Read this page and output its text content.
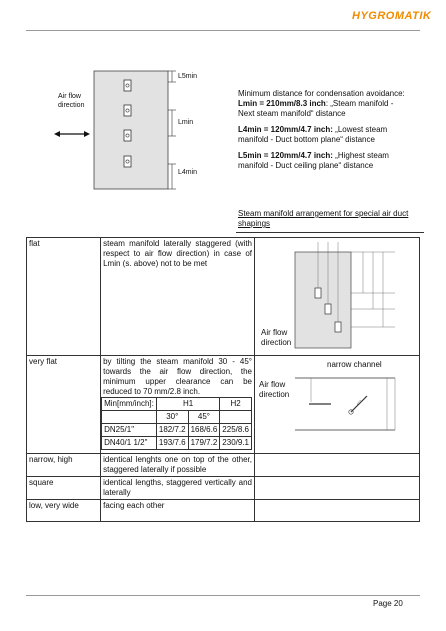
HYGROMATIK
Air flow
direction
L5min
Lmin
L4min

Minimum distance for condensation avoidance:

Lmin = 210mm/8.3 inch: „Steam manifold - Next steam manifold“ distance

L4min = 120mm/4.7 inch: „Lowest steam manifold - Duct bottom plane“ distance

L5min = 120mm/4.7 inch: „Highest steam manifold - Duct ceiling plane“ distance

Steam manifold arrangement for special air duct shapings
flat	steam manifold laterally staggered (with respect to air flow direction) in case of Lmin (s. above) not to be met	
Air flow
direction

very flat	by tilting the steam manifold 30 - 45° towards the air flow direction, the minimum upper clearance can be reduced to 70 mm/2.8 inch.
Min[mm/inch]:	H1	H2
	30°	45°	
DN25/1"	182/7.2	168/6.6	225/8.6
DN40/1 1/2"	193/7.6	179/7.2	230/9.1

narrow channel
Air flow
direction

narrow, high	identical lenghts one on top of the other, staggered laterally if possible	
square	identical lengths, staggered vertically and laterally	
low, very wide	facing each other	
Page 20
